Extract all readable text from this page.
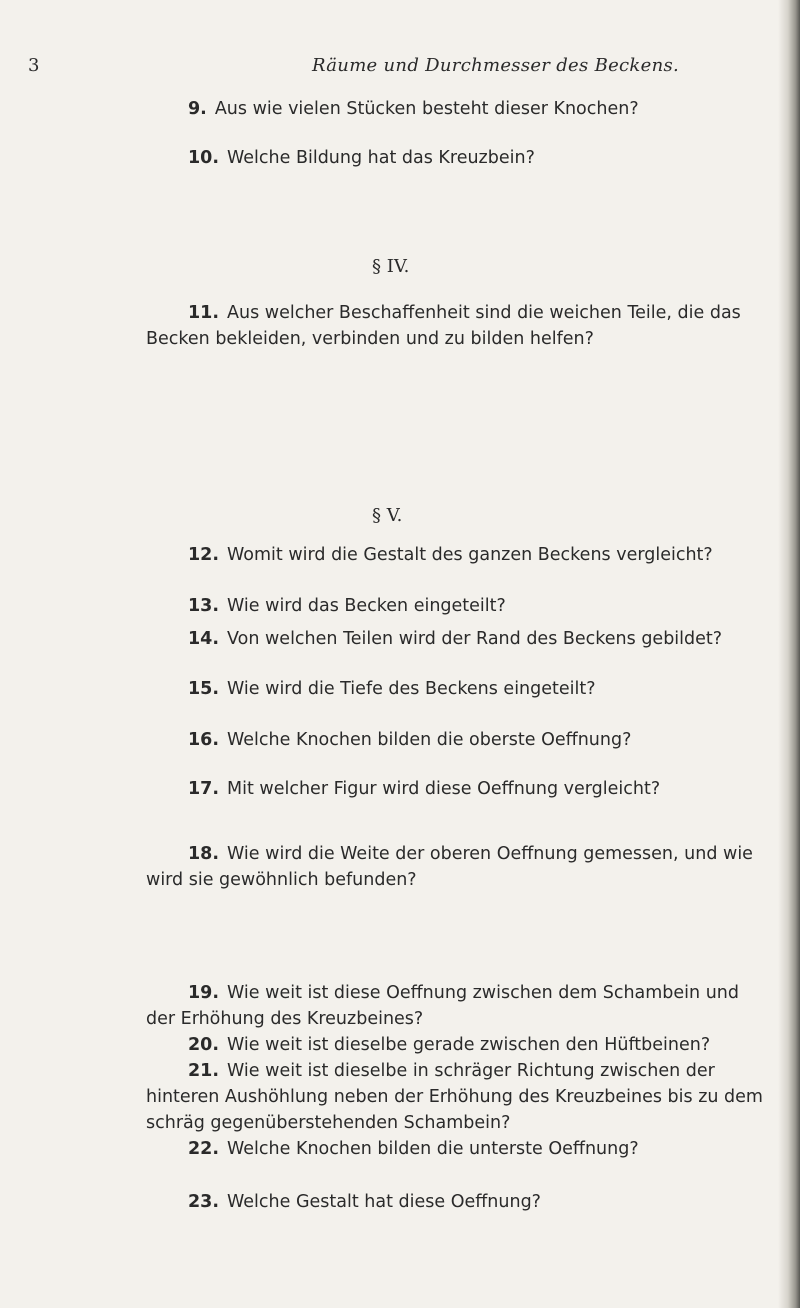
3	Räume und Durchmesser des Beckens.
9. Aus wie vielen Stücken besteht dieser Knochen?
10. Welche Bildung hat das Kreuzbein?
§ IV.
11. Aus welcher Beschaffenheit sind die weichen Teile, die das
Becken bekleiden, verbinden und zu bilden helfen?
§ V.
12. Womit wird die Gestalt des ganzen Beckens vergleicht?
13. Wie wird das Becken eingeteilt?
14. Von welchen Teilen wird der Rand des Beckens gebildet?
15. Wie wird die Tiefe des Beckens eingeteilt?
16. Welche Knochen bilden die oberste Oeffnung?
17. Mit welcher Figur wird diese Oeffnung vergleicht?
18. Wie wird die Weite der oberen Oeffnung gemessen, und wie
wird sie gewöhnlich befunden?
19. Wie weit ist diese Oeffnung zwischen dem Schambein und
der Erhöhung des Kreuzbeines?
20. Wie weit ist dieselbe gerade zwischen den Hüftbeinen?
21. Wie weit ist dieselbe in schräger Richtung zwischen der
hinteren Aushöhlung neben der Erhöhung des Kreuzbeines bis zu dem
schräg gegenüberstehenden Schambein?
22. Welche Knochen bilden die unterste Oeffnung?
23. Welche Gestalt hat diese Oeffnung?
